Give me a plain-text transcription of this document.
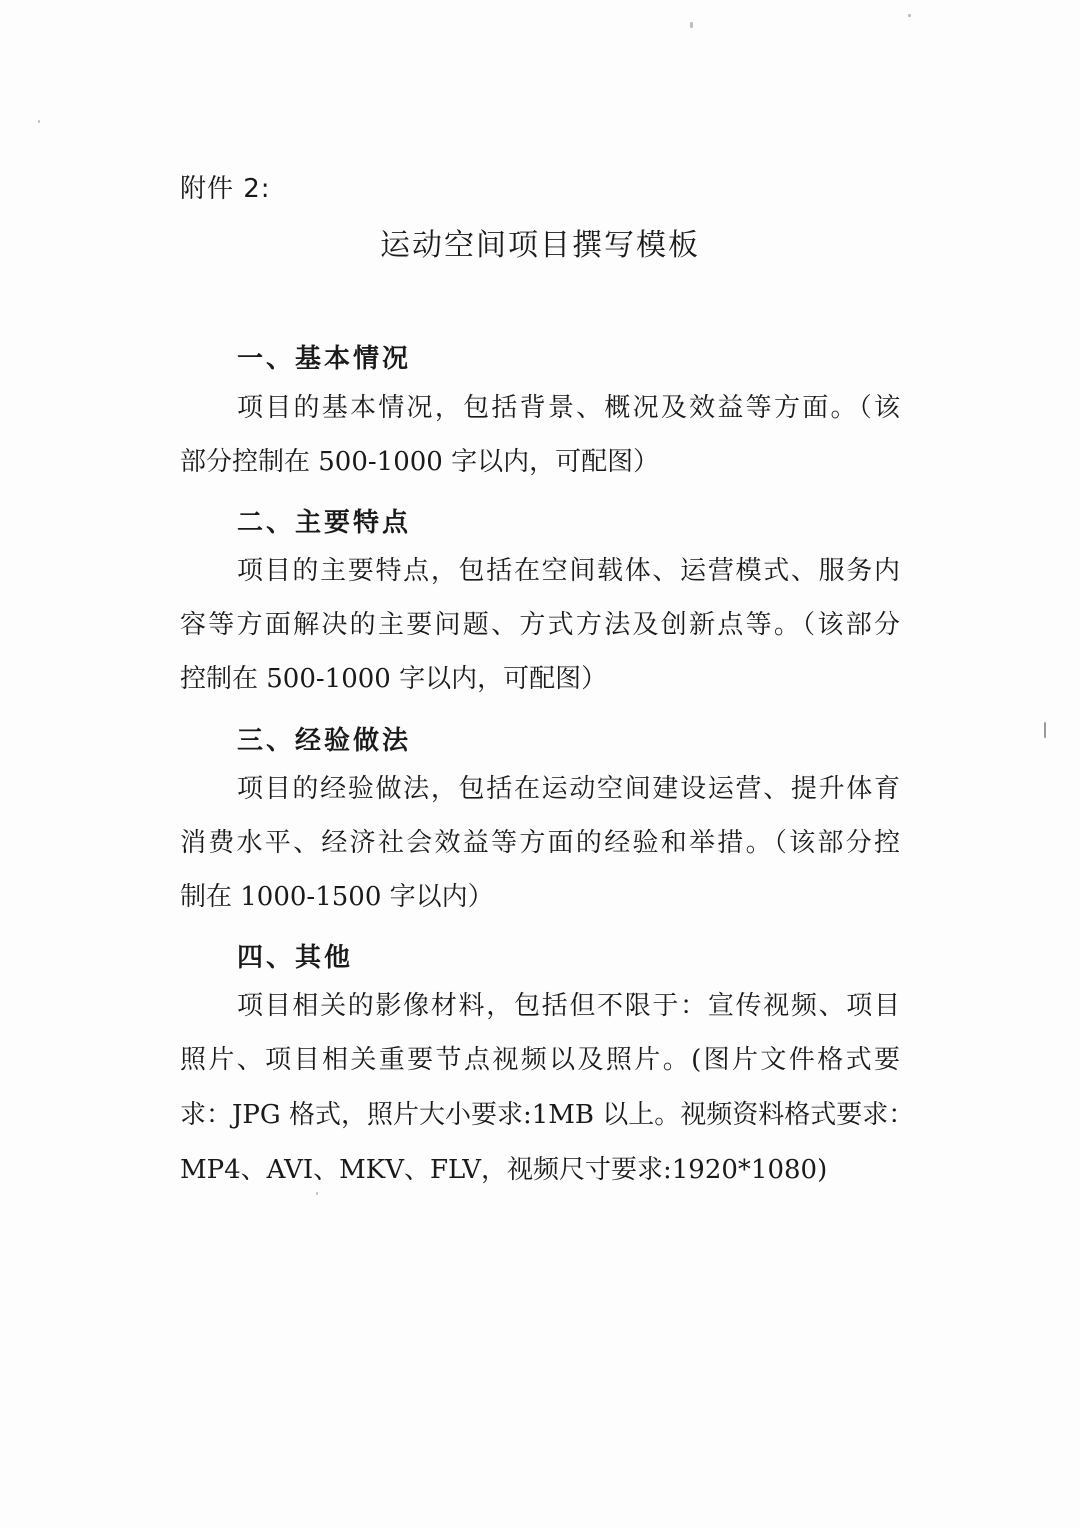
附件 2:
运动空间项目撰写模板
一、基本情况
项目的基本情况，包括背景、概况及效益等方面。（该
部分控制在 500-1000 字以内，可配图）
二、主要特点
项目的主要特点，包括在空间载体、运营模式、服务内
容等方面解决的主要问题、方式方法及创新点等。（该部分
控制在 500-1000 字以内，可配图）
三、经验做法
项目的经验做法，包括在运动空间建设运营、提升体育
消费水平、经济社会效益等方面的经验和举措。（该部分控
制在 1000-1500 字以内）
四、其他
项目相关的影像材料，包括但不限于：宣传视频、项目
照片、项目相关重要节点视频以及照片。(图片文件格式要
求：JPG 格式，照片大小要求:1MB 以上。视频资料格式要求：
MP4、AVI、MKV、FLV，视频尺寸要求:1920*1080)
